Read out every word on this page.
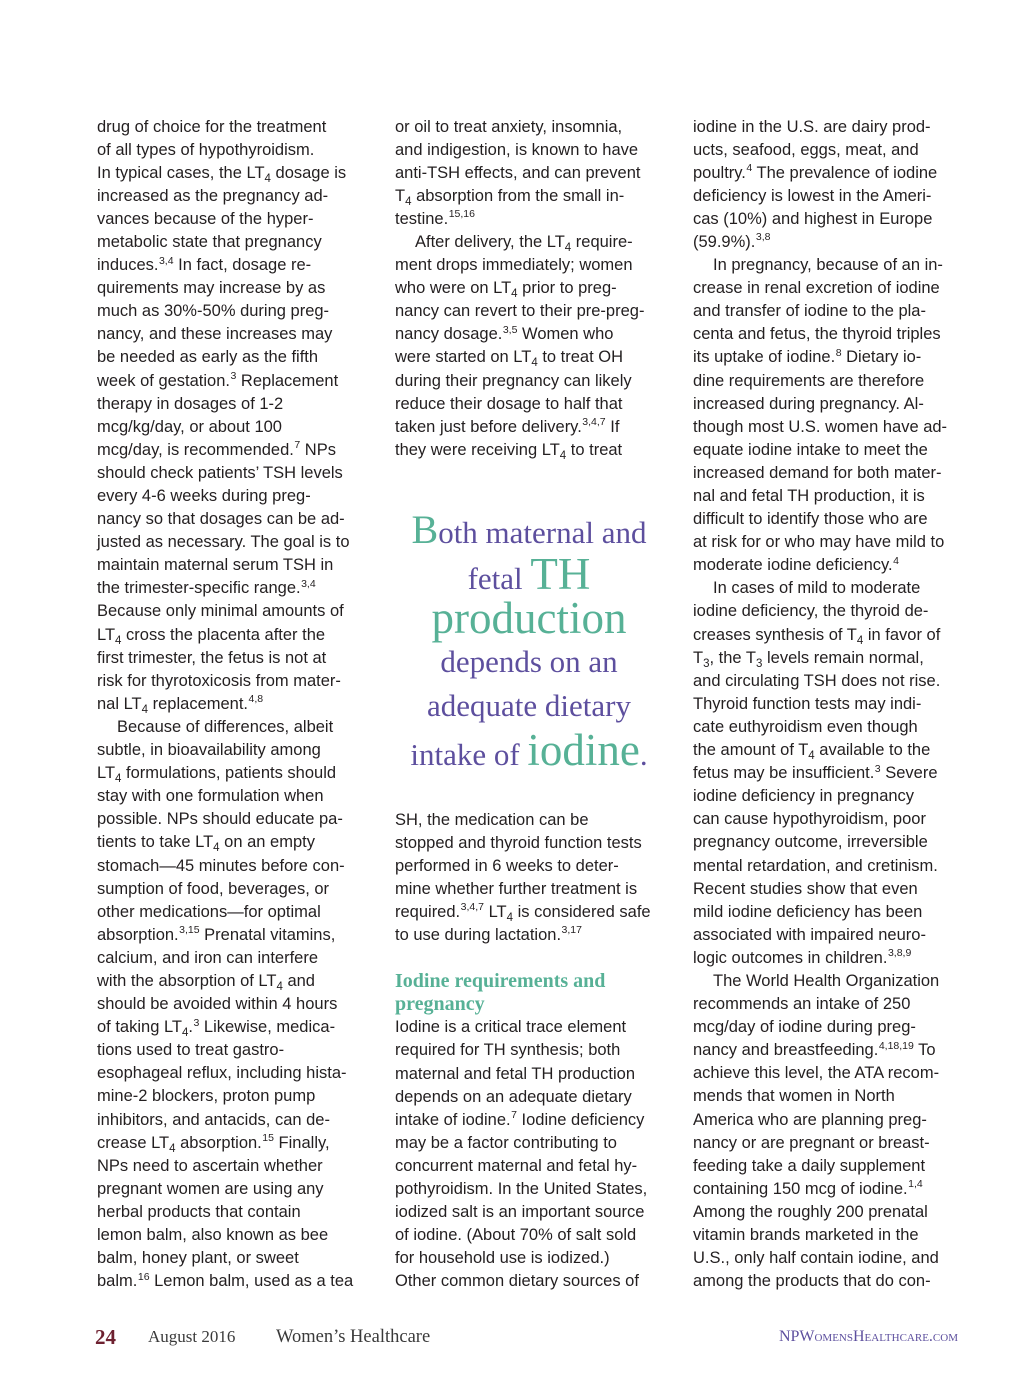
drug of choice for the treatment
of all types of hypothyroidism.
In typical cases, the $LT_4$ dosage is
increased as the pregnancy ad-
vances because of the hyper-
metabolic state that pregnancy
induces.$^{3,4}$ In fact, dosage re-
quirements may increase by as
much as 30%-50% during preg-
nancy, and these increases may
be needed as early as the fifth
week of gestation.$^3$ Replacement
therapy in dosages of 1-2
mcg/kg/day, or about 100
mcg/day, is recommended.$^7$ NPs
should check patients’ TSH levels
every 4-6 weeks during preg-
nancy so that dosages can be ad-
justed as necessary. The goal is to
maintain maternal serum TSH in
the trimester-specific range.$^{3,4}$
Because only minimal amounts of
$LT_4$ cross the placenta after the
first trimester, the fetus is not at
risk for thyrotoxicosis from mater-
nal $LT_4$ replacement.$^{4,8}$
Because of differences, albeit
subtle, in bioavailability among
$LT_4$ formulations, patients should
stay with one formulation when
possible. NPs should educate pa-
tients to take $LT_4$ on an empty
stomach—45 minutes before con-
sumption of food, beverages, or
other medications—for optimal
absorption.$^{3,15}$ Prenatal vitamins,
calcium, and iron can interfere
with the absorption of $LT_4$ and
should be avoided within 4 hours
of taking $LT_4.^3$ Likewise, medica-
tions used to treat gastro-
esophageal reflux, including hista-
mine-2 blockers, proton pump
inhibitors, and antacids, can de-
crease $LT_4$ absorption.$^{15}$ Finally,
NPs need to ascertain whether
pregnant women are using any
herbal products that contain
lemon balm, also known as bee
balm, honey plant, or sweet
balm.$^{16}$ Lemon balm, used as a tea
or oil to treat anxiety, insomnia,
and indigestion, is known to have
anti-TSH effects, and can prevent
$T_4$ absorption from the small in-
testine.$^{15,16}$
After delivery, the $LT_4$ require-
ment drops immediately; women
who were on $LT_4$ prior to preg-
nancy can revert to their pre-preg-
nancy dosage.$^{3,5}$ Women who
were started on $LT_4$ to treat OH
during their pregnancy can likely
reduce their dosage to half that
taken just before delivery.$^{3,4,7}$ If
they were receiving $LT_4$ to treat
Both maternal and
fetal TH
production
depends on an
adequate dietary
intake of iodine.
SH, the medication can be
stopped and thyroid function tests
performed in 6 weeks to deter-
mine whether further treatment is
required.$^{3,4,7}$ $LT_4$ is considered safe
to use during lactation.$^{3,17}$
Iodine requirements and
pregnancy
Iodine is a critical trace element
required for TH synthesis; both
maternal and fetal TH production
depends on an adequate dietary
intake of iodine.$^7$ Iodine deficiency
may be a factor contributing to
concurrent maternal and fetal hy-
pothyroidism. In the United States,
iodized salt is an important source
of iodine. (About 70% of salt sold
for household use is iodized.)
Other common dietary sources of
iodine in the U.S. are dairy prod-
ucts, seafood, eggs, meat, and
poultry.$^4$ The prevalence of iodine
deficiency is lowest in the Ameri-
cas (10%) and highest in Europe
(59.9%).$^{3,8}$
In pregnancy, because of an in-
crease in renal excretion of iodine
and transfer of iodine to the pla-
centa and fetus, the thyroid triples
its uptake of iodine.$^8$ Dietary io-
dine requirements are therefore
increased during pregnancy. Al-
though most U.S. women have ad-
equate iodine intake to meet the
increased demand for both mater-
nal and fetal TH production, it is
difficult to identify those who are
at risk for or who may have mild to
moderate iodine deficiency.$^4$
In cases of mild to moderate
iodine deficiency, the thyroid de-
creases synthesis of $T_4$ in favor of
$T_3$, the $T_3$ levels remain normal,
and circulating TSH does not rise.
Thyroid function tests may indi-
cate euthyroidism even though
the amount of $T_4$ available to the
fetus may be insufficient.$^3$ Severe
iodine deficiency in pregnancy
can cause hypothyroidism, poor
pregnancy outcome, irreversible
mental retardation, and cretinism.
Recent studies show that even
mild iodine deficiency has been
associated with impaired neuro-
logic outcomes in children.$^{3,8,9}$
The World Health Organization
recommends an intake of 250
mcg/day of iodine during preg-
nancy and breastfeeding.$^{4,18,19}$ To
achieve this level, the ATA recom-
mends that women in North
America who are planning preg-
nancy or are pregnant or breast-
feeding take a daily supplement
containing 150 mcg of iodine.$^{1,4}$
Among the roughly 200 prenatal
vitamin brands marketed in the
U.S., only half contain iodine, and
among the products that do con-
24 August 2016 Women’s Healthcare	NPWomensHealthcare.com
